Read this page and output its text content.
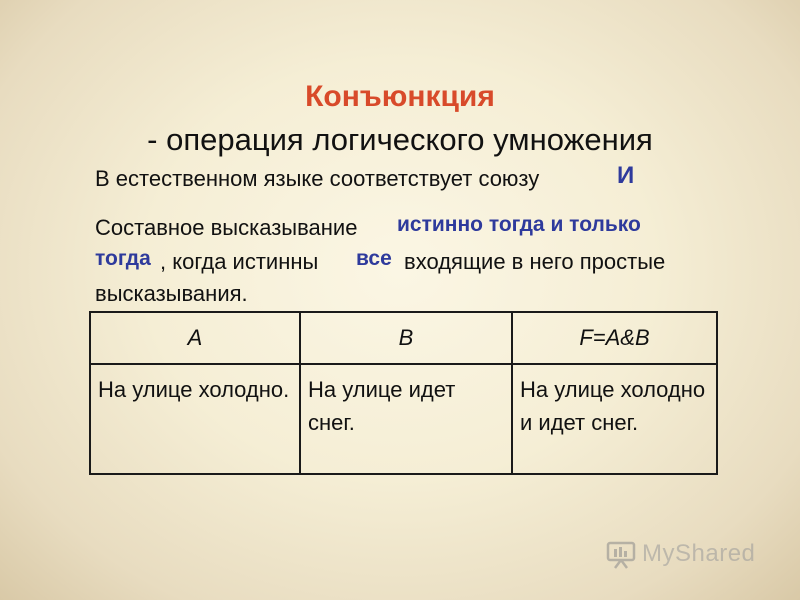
Конъюнкция
- операция логического умножения
В естественном языке соответствует союзу	И
Составное высказывание истинно тогда и только
тогда , когда истинны все входящие в него простые
высказывания.
A	B	F=A&B
На улице холодно.	На улице идет снег.	На улице холодно и идет снег.
MyShared
